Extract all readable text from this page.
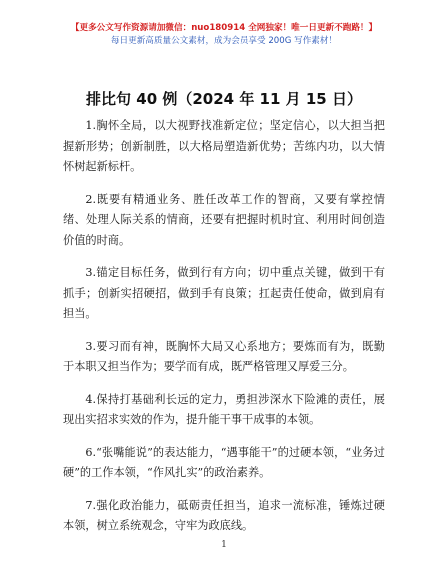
【更多公文写作资源请加微信：nuo180914 全网独家！唯一日更新不跑路！】
每日更新高质量公文素材，成为会员享受 200G 写作素材！
排比句 40 例（2024 年 11 月 15 日）

1.胸怀全局，以大视野找准新定位；坚定信心，以大担当把握新形势；创新制胜，以大格局塑造新优势；苦练内功，以大情怀树起新标杆。

2.既要有精通业务、胜任改革工作的智商，又要有掌控情绪、处理人际关系的情商，还要有把握时机时宜、利用时间创造价值的时商。

3.锚定目标任务，做到行有方向；切中重点关键，做到干有抓手；创新实招硬招，做到手有良策；扛起责任使命，做到肩有担当。

3.要习而有神，既胸怀大局又心系地方；要炼而有为，既勤于本职又担当作为；要学而有成，既严格管理又厚爱三分。

4.保持打基础利长远的定力，勇担涉深水下险滩的责任，展现出实招求实效的作为，提升能干事干成事的本领。

6.“张嘴能说”的表达能力，“遇事能干”的过硬本领，“业务过硬”的工作本领，“作风扎实”的政治素养。

7.强化政治能力，砥砺责任担当，追求一流标准，锤炼过硬本领，树立系统观念，守牢为政底线。

1
